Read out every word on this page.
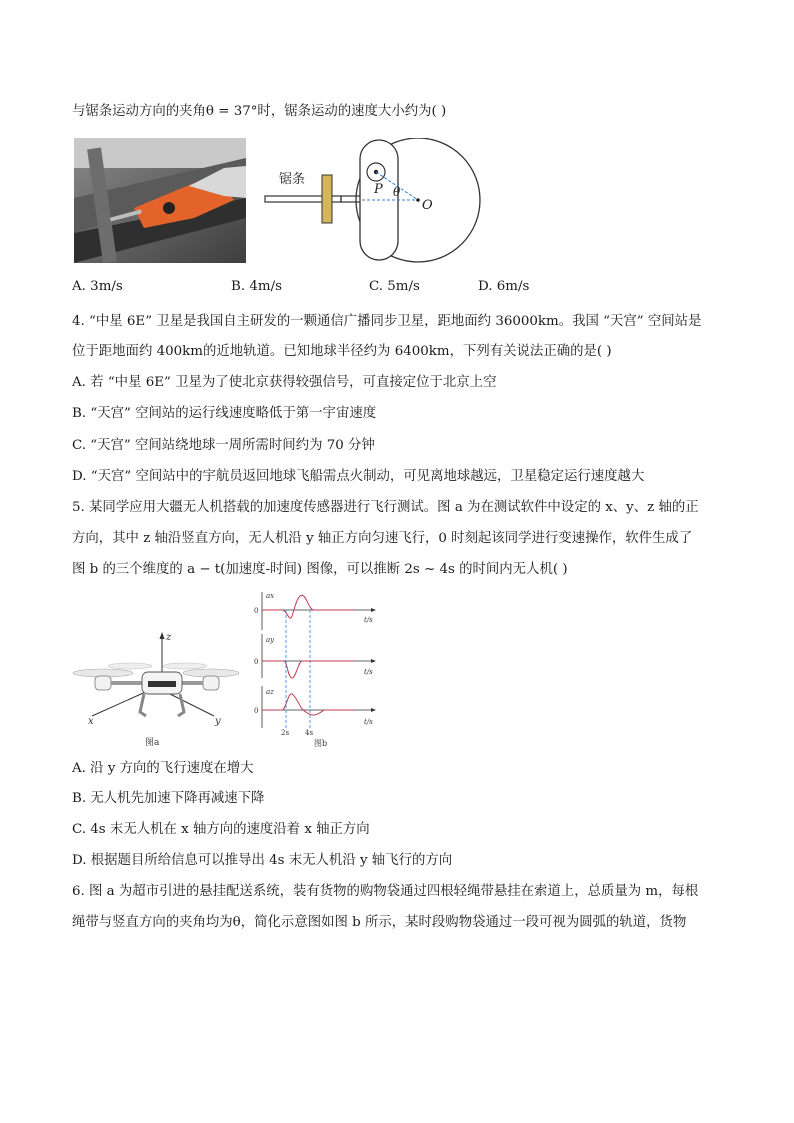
与锯条运动方向的夹角θ = 37°时，锯条运动的速度大小约为( )
锯条
P θ
O
A. 3m/s	B. 4m/s	C. 5m/s	D. 6m/s
4. “中星 6E” 卫星是我国自主研发的一颗通信广播同步卫星，距地面约 36000km。我国 “天宫” 空间站是
位于距地面约 400km的近地轨道。已知地球半径约为 6400km，下列有关说法正确的是( )
A. 若 “中星 6E” 卫星为了使北京获得较强信号，可直接定位于北京上空
B. “天宫” 空间站的运行线速度略低于第一宇宙速度
C. “天宫” 空间站绕地球一周所需时间约为 70 分钟
D. “天宫” 空间站中的宇航员返回地球飞船需点火制动，可见离地球越远，卫星稳定运行速度越大
5. 某同学应用大疆无人机搭载的加速度传感器进行飞行测试。图 a 为在测试软件中设定的 x、y、z 轴的正
方向，其中 z 轴沿竖直方向，无人机沿 y 轴正方向匀速飞行，0 时刻起该同学进行变速操作，软件生成了
图 b 的三个维度的 a − t(加速度-时间) 图像，可以推断 2s ~ 4s 的时间内无人机( )
z
x	y
图a
ax
0
t/s
ay
0
t/s
az
0
t/s
2s 4s
图b
A. 沿 y 方向的飞行速度在增大
B. 无人机先加速下降再减速下降
C. 4s 末无人机在 x 轴方向的速度沿着 x 轴正方向
D. 根据题目所给信息可以推导出 4s 末无人机沿 y 轴飞行的方向
6. 图 a 为超市引进的悬挂配送系统，装有货物的购物袋通过四根轻绳带悬挂在索道上，总质量为 m，每根
绳带与竖直方向的夹角均为θ，简化示意图如图 b 所示，某时段购物袋通过一段可视为圆弧的轨道，货物
